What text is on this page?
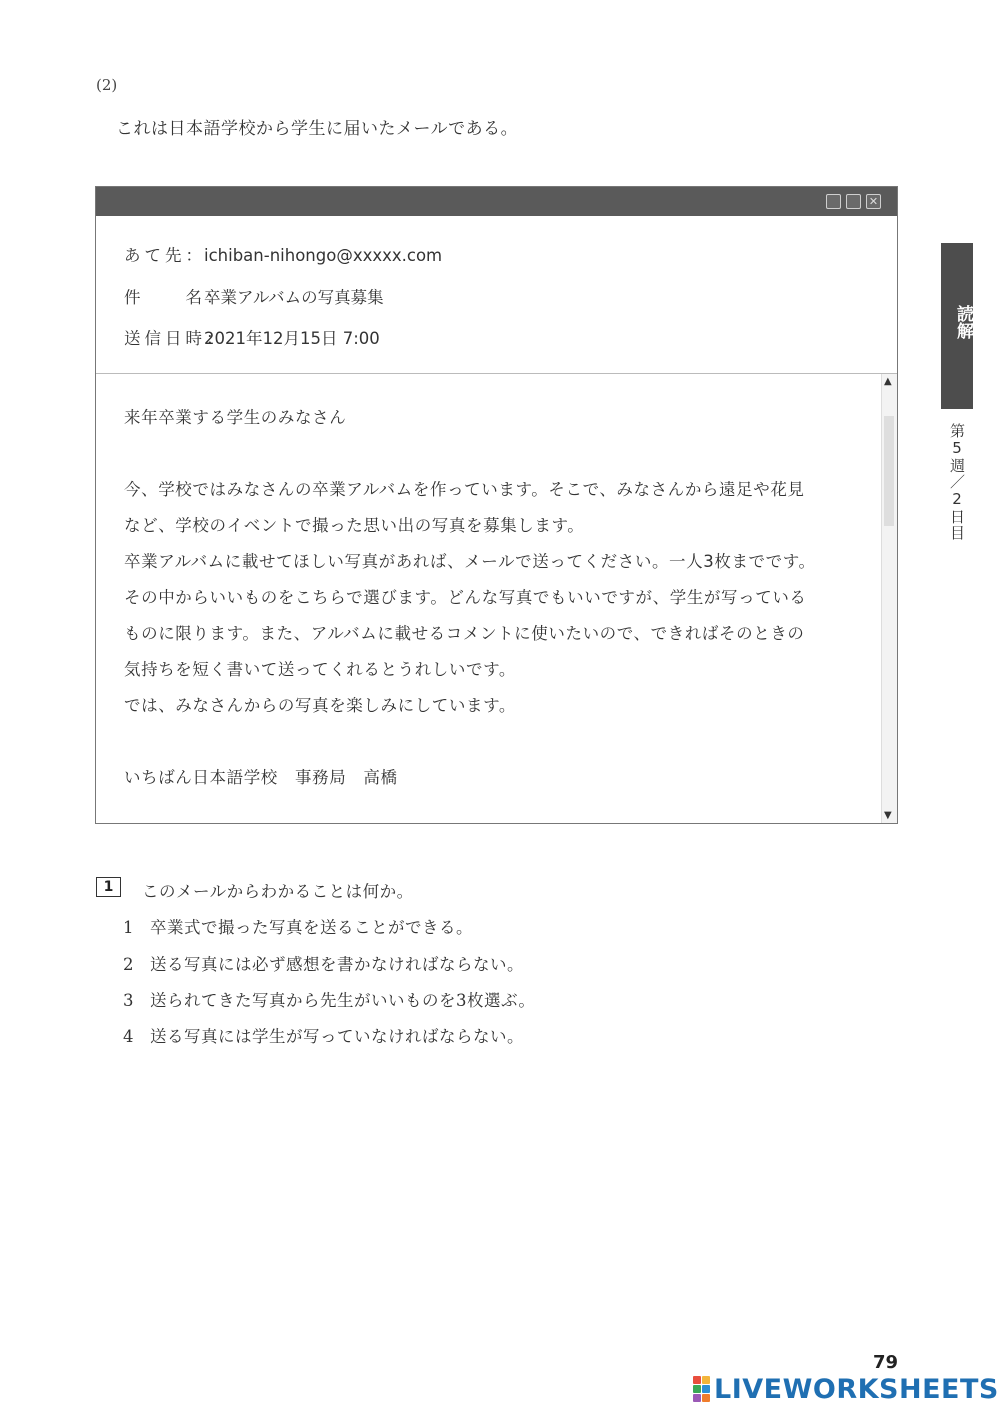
(2)
これは日本語学校から学生に届いたメールである。
✕
あて先：ichiban-nihongo@xxxxx.com
件　　名：卒業アルバムの写真募集
送信日時：2021年12月15日 7:00
来年卒業する学生のみなさん
今、学校ではみなさんの卒業アルバムを作っています。そこで、みなさんから遠足や花見
など、学校のイベントで撮った思い出の写真を募集します。
卒業アルバムに載せてほしい写真があれば、メールで送ってください。一人3枚までです。
その中からいいものをこちらで選びます。どんな写真でもいいですが、学生が写っている
ものに限ります。また、アルバムに載せるコメントに使いたいので、できればそのときの
気持ちを短く書いて送ってくれるとうれしいです。
では、みなさんからの写真を楽しみにしています。
いちばん日本語学校　事務局　高橋
▲
▼
読解
第5週／2日目
1	このメールからわかることは何か。
1 卒業式で撮った写真を送ることができる。
2 送る写真には必ず感想を書かなければならない。
3 送られてきた写真から先生がいいものを3枚選ぶ。
4 送る写真には学生が写っていなければならない。
79
LIVEWORKSHEETS
